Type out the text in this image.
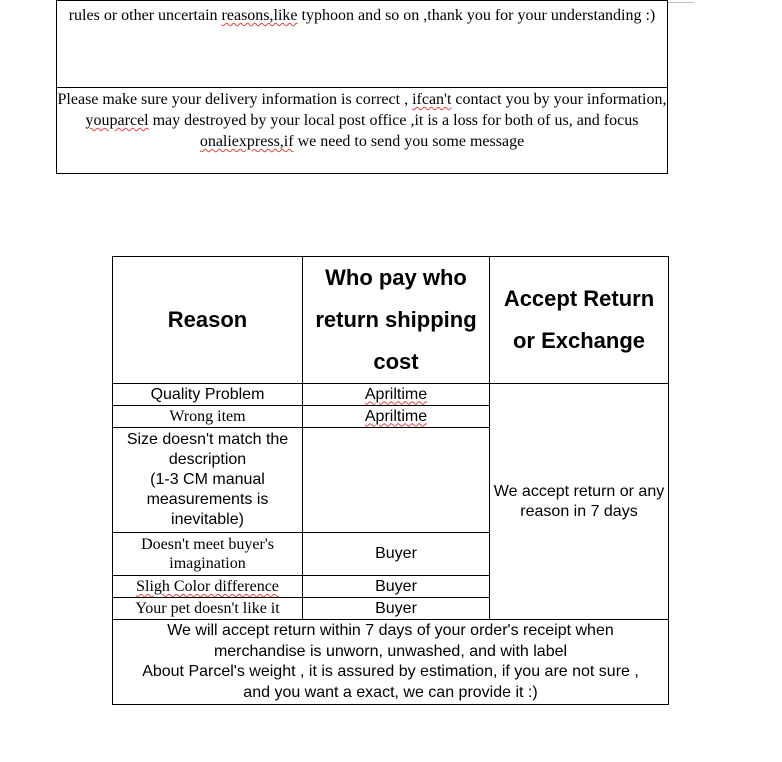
rules or other uncertain reasons,like typhoon and so on ,thank you for your understanding :)

Please make sure your delivery information is correct , ifcan't contact you by your information, youparcel may destroyed by your local post office ,it is a loss for both of us, and focus onaliexpress,if we need to send you some message
Reason	Who pay who return shipping cost	Accept Return or Exchange
Quality Problem	Apriltime	We accept return or any reason in 7 days
Wrong item	Apriltime	

Size doesn't match the description
(1-3 CM manual measurements is inevitable)		

Doesn't meet buyer's imagination	Buyer	
Sligh Color difference	Buyer	
Your pet doesn't like it	Buyer	

We will accept return within 7 days of your order's receipt when
merchandise is unworn, unwashed, and with label
About Parcel's weight , it is assured by estimation, if you are not sure ,
and you want a exact, we can provide it :)		
